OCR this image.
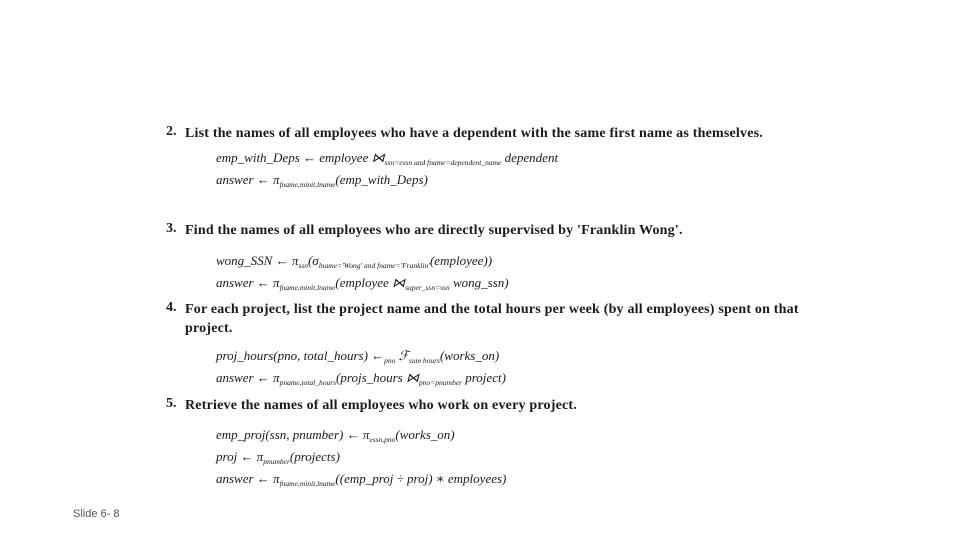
2. List the names of all employees who have a dependent with the same first name as themselves.
emp_with_Deps ← employee $⋈_{ssn=essn and fname=dependent\_name}$ dependent
answer ← $\pi_{fname,minit,lname}(emp\_with\_Deps)$
3. Find the names of all employees who are directly supervised by 'Franklin Wong'.
wong_SSN ← $\pi_{ssn}(\sigma_{lname='Wong' and fname='Franklin'}(employee))$
answer ← $\pi_{fname,minit,lname}(employee$ $⋈_{super\_ssn=ssn}$ wong_ssn)
4. For each project, list the project name and the total hours per week (by all employees) spent on that project.
proj_hours(pno, total_hours) $\leftarrow_{pno}$ ℱ$_{sum hours}$(works_on)
answer ← $\pi_{pname,total\_hours}(projs\_hours$ $⋈_{pno=pnumber}$ project)
5. Retrieve the names of all employees who work on every project.
emp_proj(ssn, pnumber) ← $\pi_{essn,pno}(works\_on)$
proj ← $\pi_{pnumber}(projects)$
answer ← $\pi_{fname,minit,lname}((emp\_proj$ ÷ proj) ∗ employees)
Slide 6- 8
